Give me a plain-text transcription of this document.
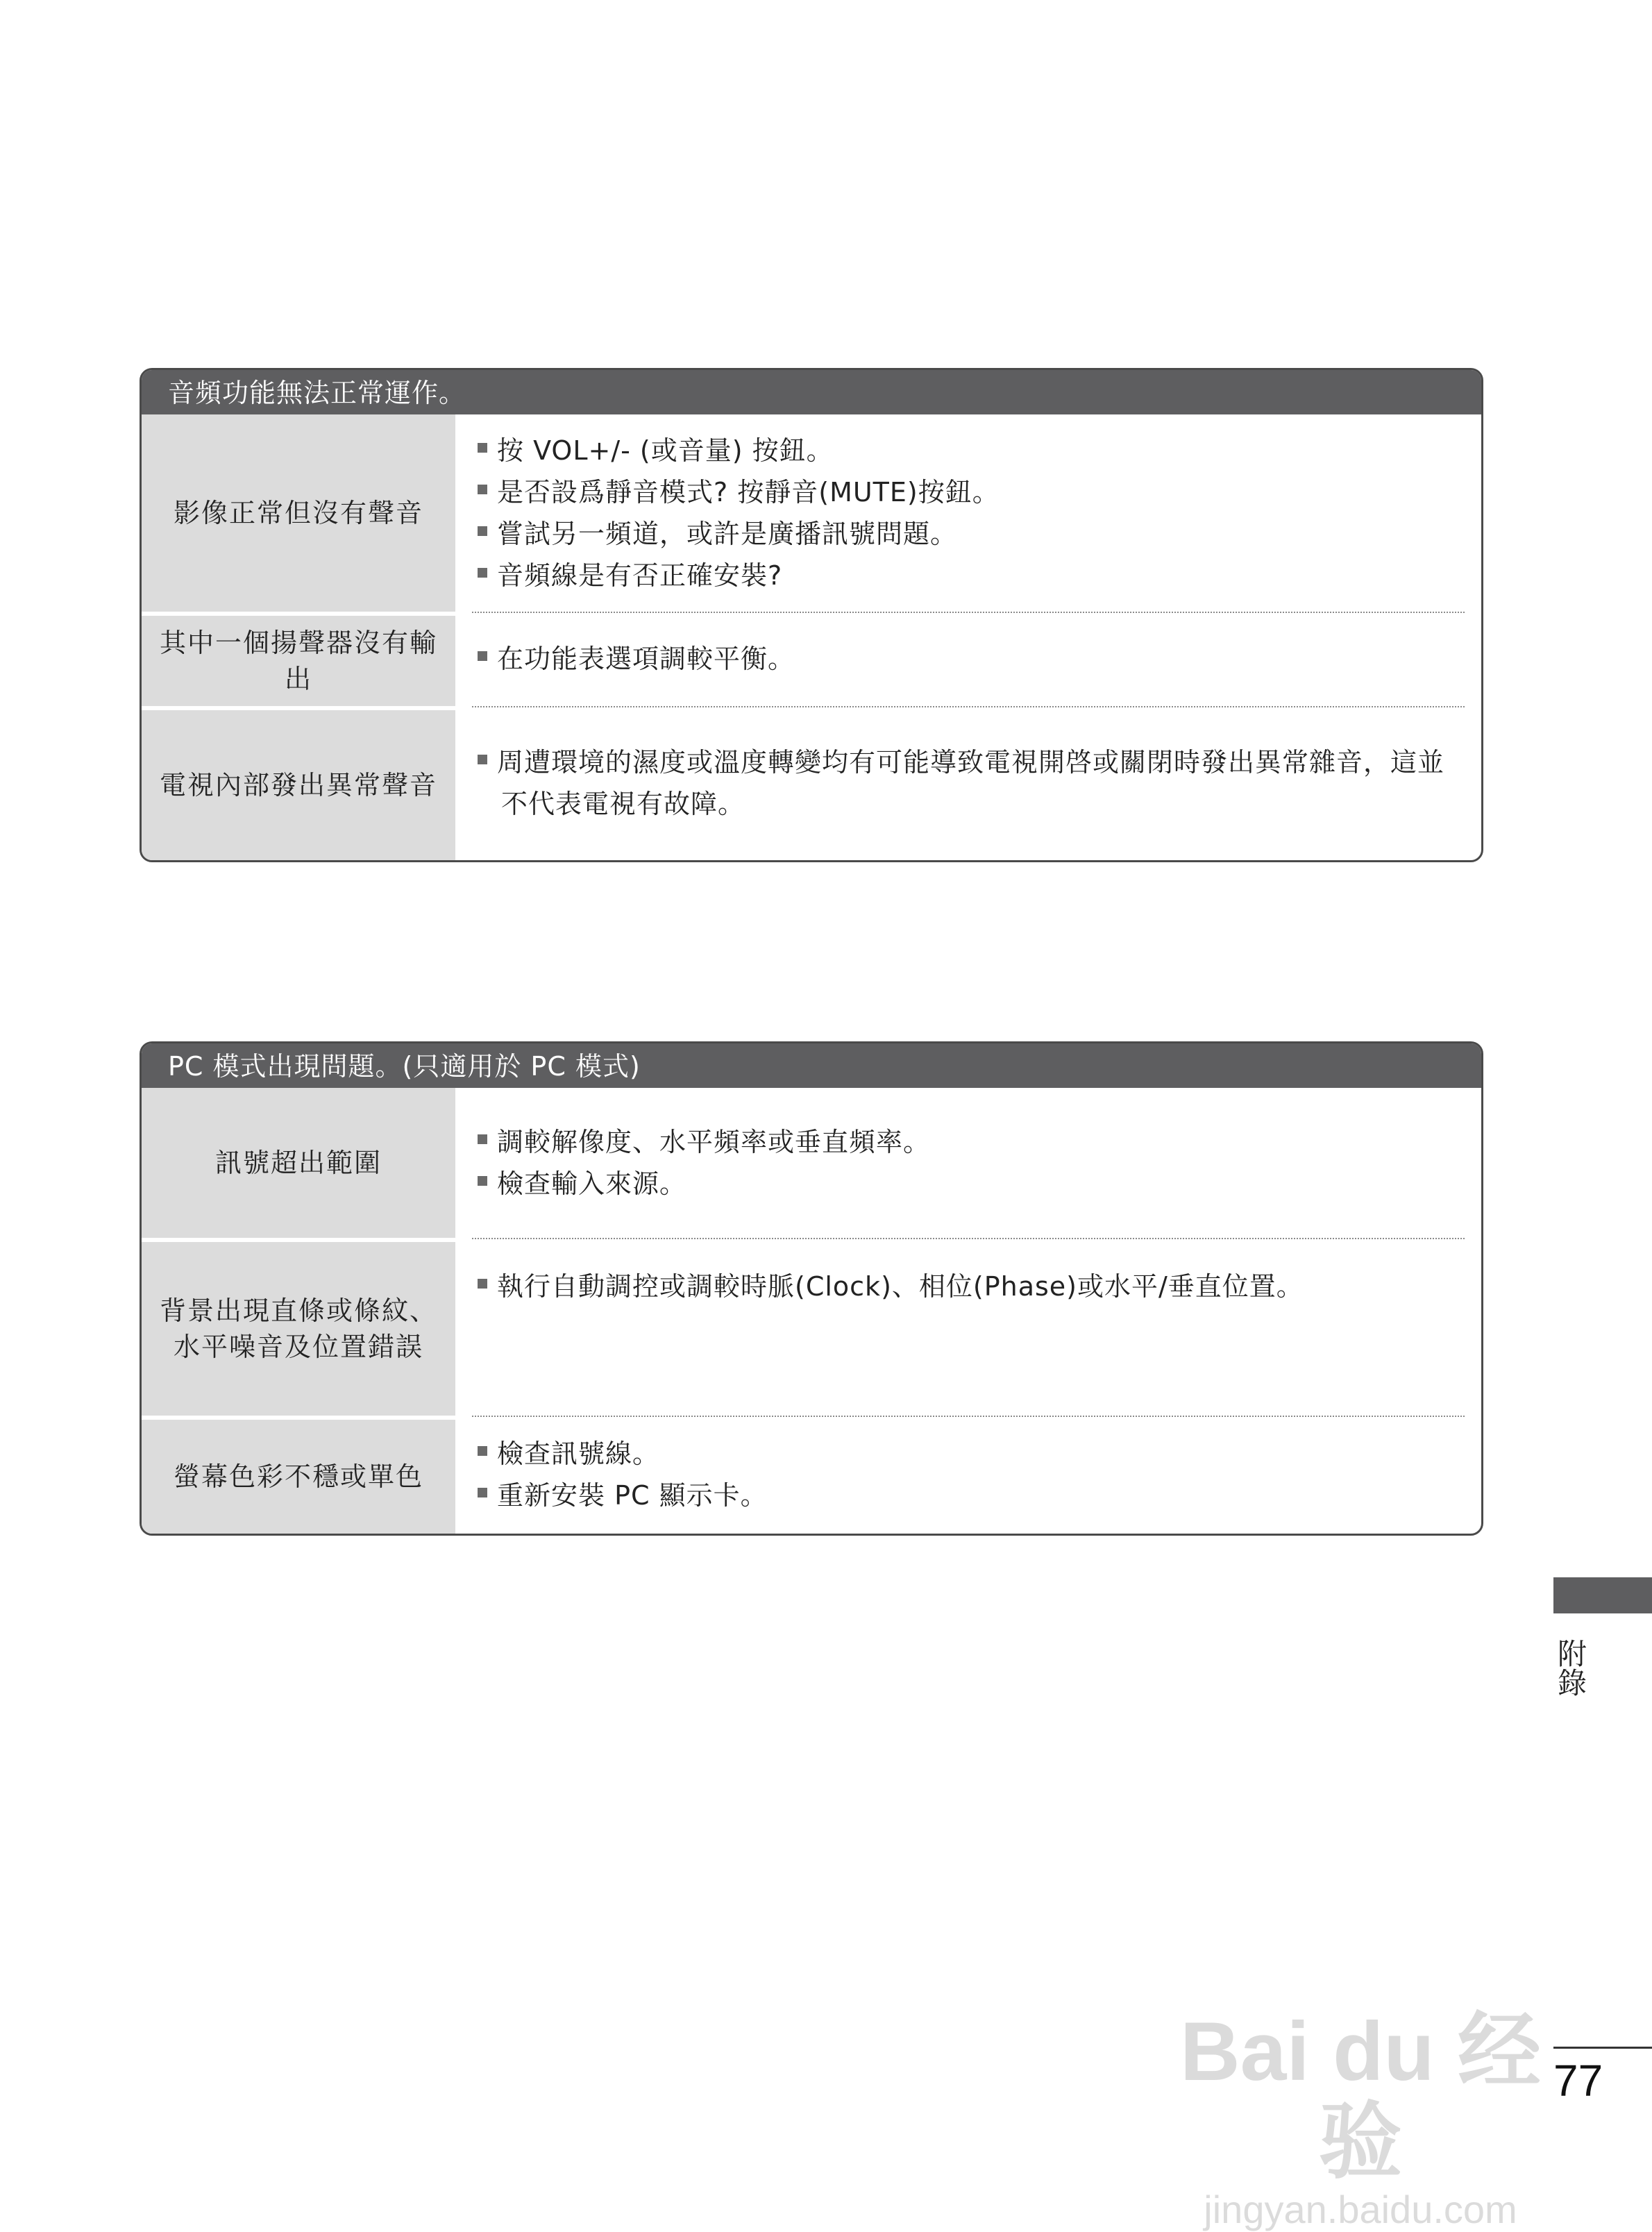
音頻功能無法正常運作。
影像正常但沒有聲音
按 VOL+/- (或音量) 按鈕。
是否設爲靜音模式? 按靜音(MUTE)按鈕。
嘗試另一頻道，或許是廣播訊號問題。
音頻線是有否正確安裝?
其中一個揚聲器沒有輸
出
在功能表選項調較平衡。
電視內部發出異常聲音
周遭環境的濕度或溫度轉變均有可能導致電視開啓或關閉時發出異常雜音，這並不代表電視有故障。
PC 模式出現問題。(只適用於 PC 模式)
訊號超出範圍
調較解像度、水平頻率或垂直頻率。
檢查輸入來源。
背景出現直條或條紋、
水平噪音及位置錯誤
執行自動調控或調較時脈(Clock)、相位(Phase)或水平/垂直位置。
螢幕色彩不穩或單色
檢查訊號線。
重新安裝 PC 顯示卡。
附錄
Bai du 经验
jingyan.baidu.com
77
